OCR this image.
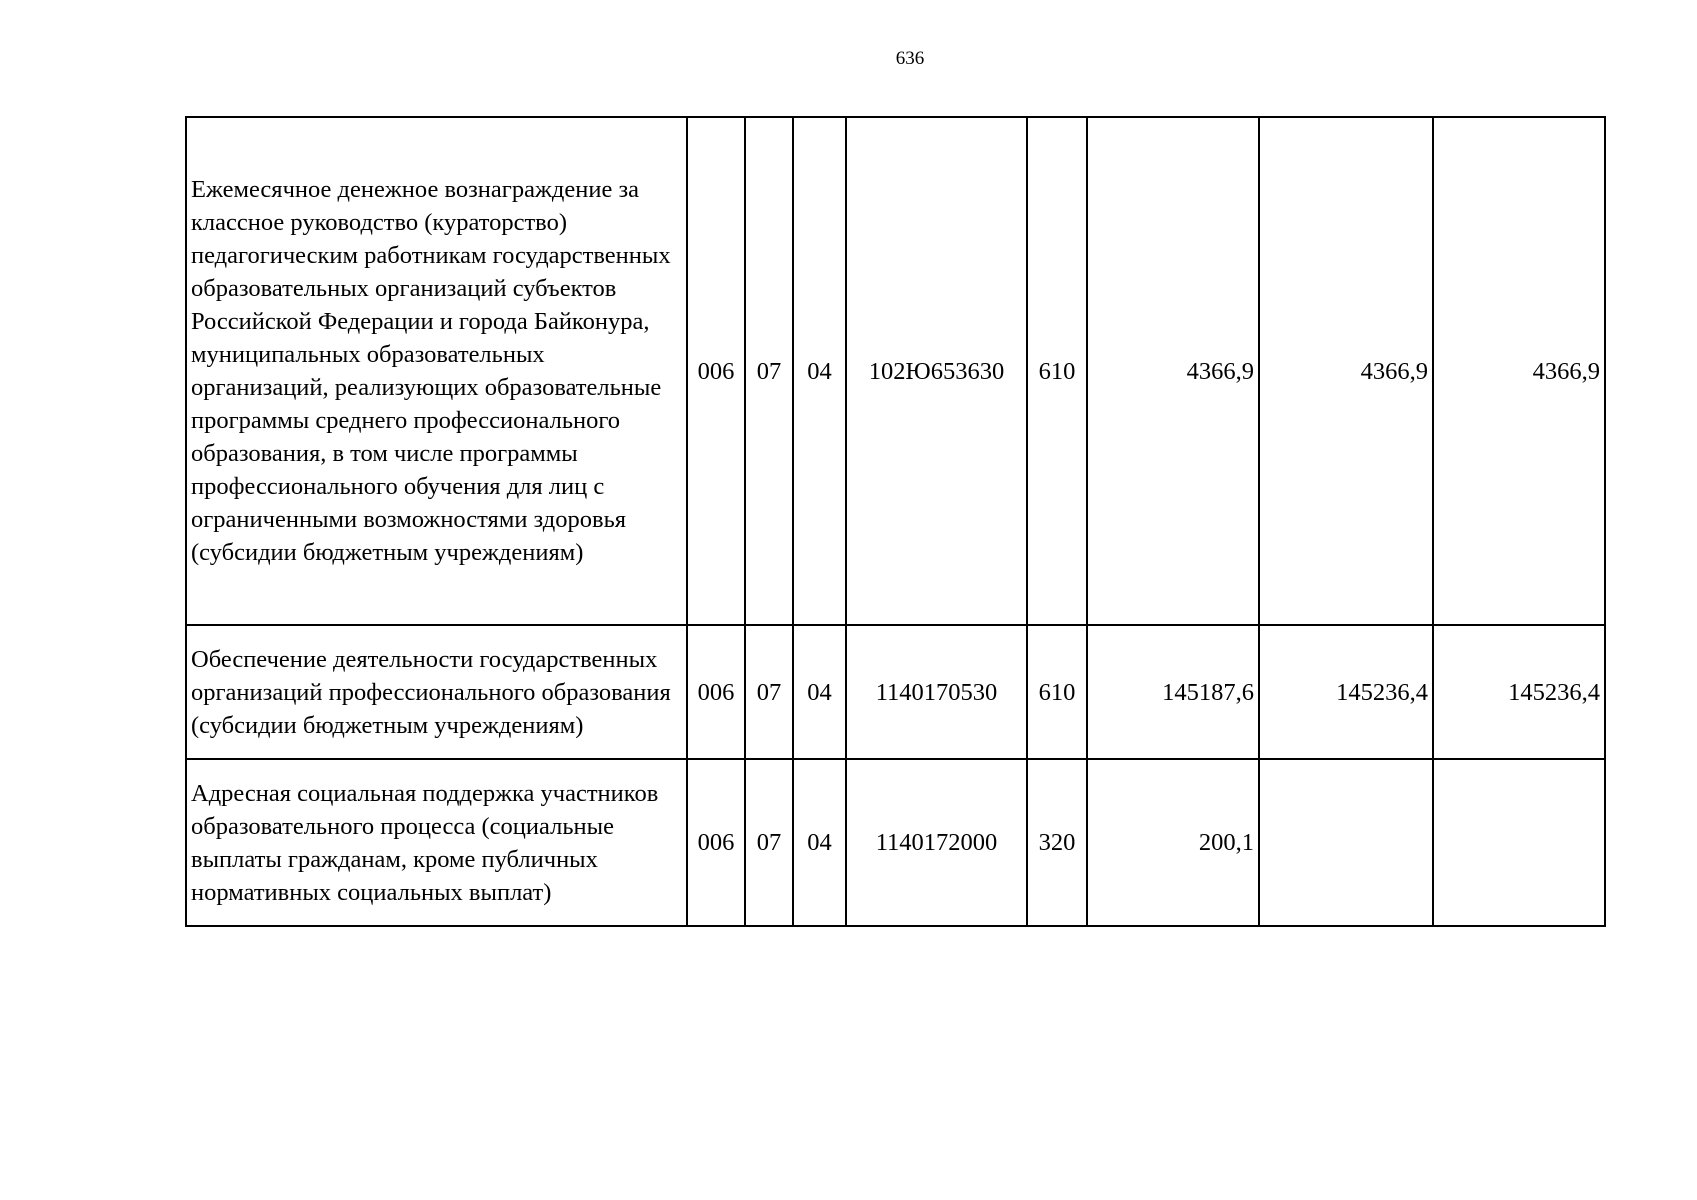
636
Ежемесячное денежное вознаграждение за классное руководство (кураторство) педагогическим работникам государственных образовательных организаций субъектов Российской Федерации и города Байконура, муниципальных образовательных организаций, реализующих образовательные программы среднего профессионального образования, в том числе программы профессионального обучения для лиц с ограниченными возможностями здоровья (субсидии бюджетным учреждениям)	006	07	04	102Ю653630	610	4366,9	4366,9	4366,9
Обеспечение деятельности государственных организаций профессионального образования (субсидии бюджетным учреждениям)	006	07	04	1140170530	610	145187,6	145236,4	145236,4
Адресная социальная поддержка участников образовательного процесса (социальные выплаты гражданам, кроме публичных нормативных социальных выплат)	006	07	04	1140172000	320	200,1		
